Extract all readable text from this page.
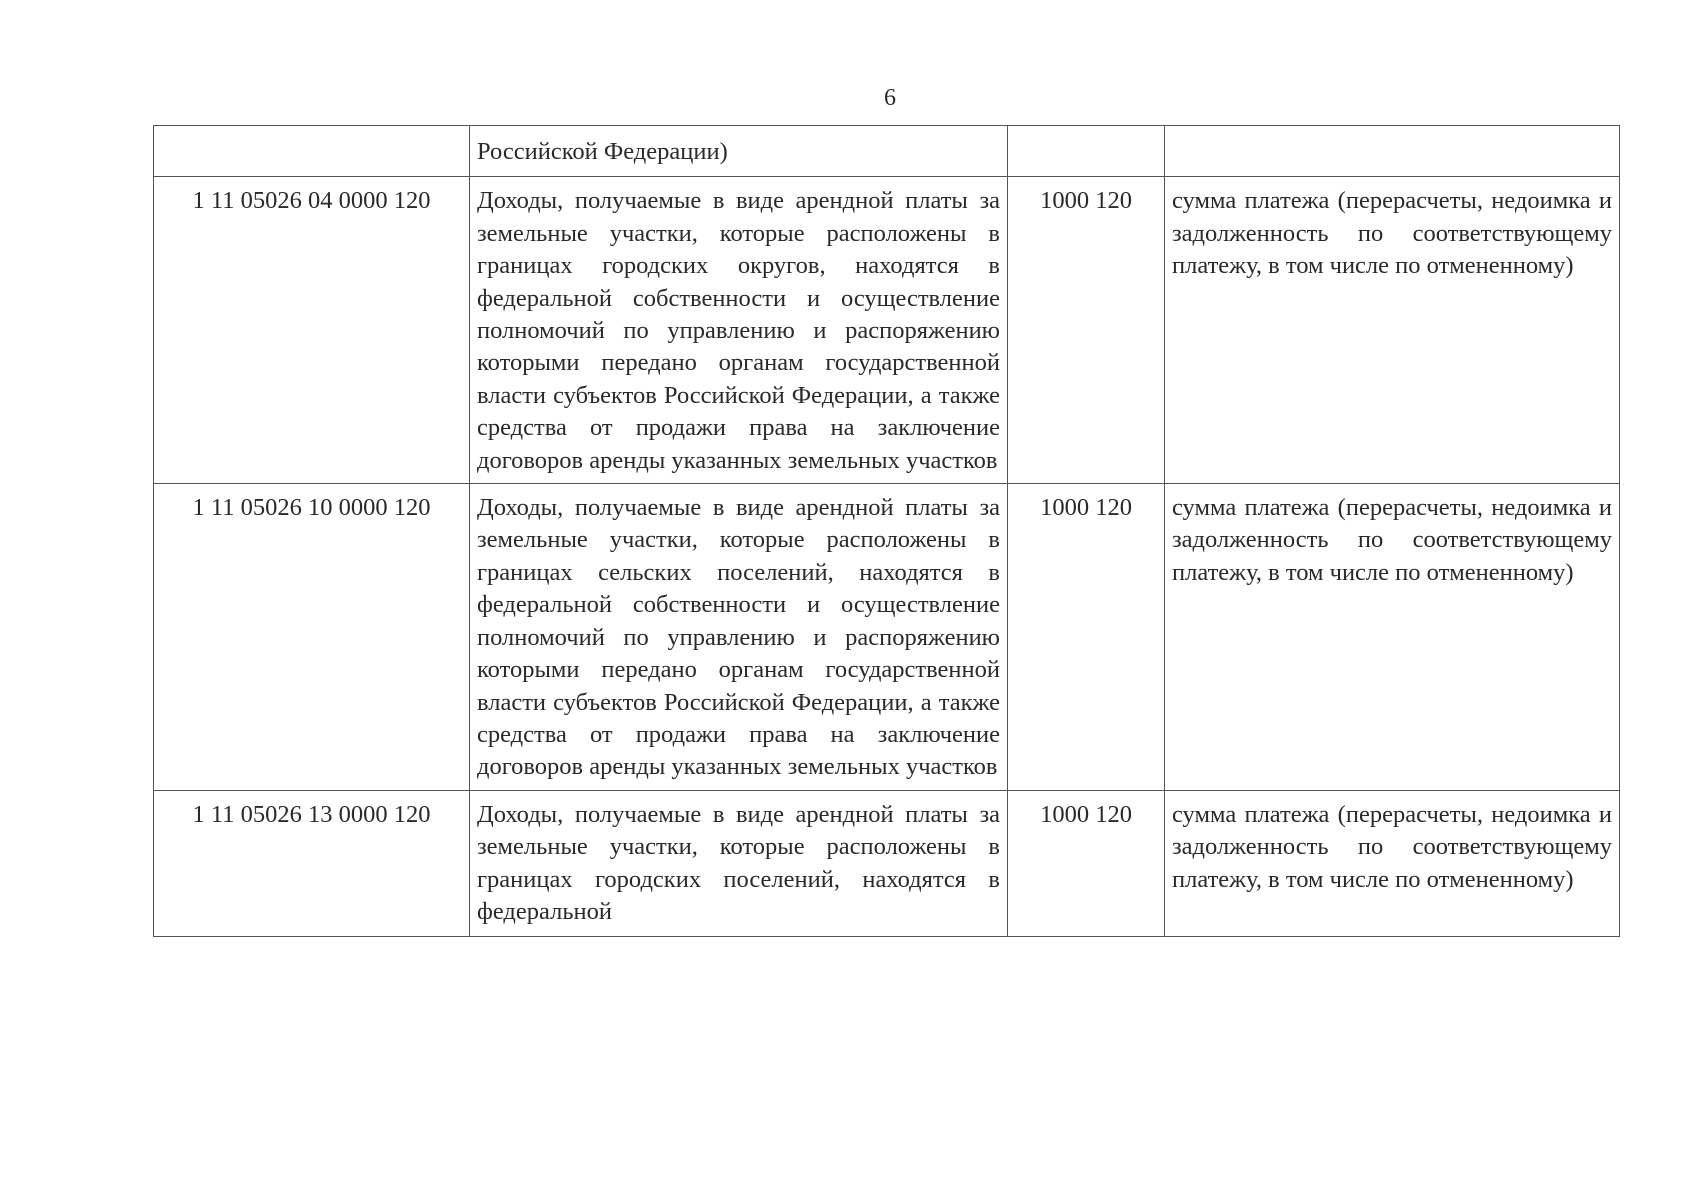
6
	Российской Федерации)		
1 11 05026 04 0000 120	Доходы, получаемые в виде арендной платы за земельные участки, которые расположены в границах городских округов, находятся в федеральной собственности и осуществление полномочий по управлению и распоряжению которыми передано органам государственной власти субъектов Российской Федерации, а также средства от продажи права на заключение договоров аренды указанных земельных участков	1000 120	сумма платежа (перерасчеты, недоимка и задолженность по соответствующему платежу, в том числе по отмененному)
1 11 05026 10 0000 120	Доходы, получаемые в виде арендной платы за земельные участки, которые расположены в границах сельских поселений, находятся в федеральной собственности и осуществление полномочий по управлению и распоряжению которыми передано органам государственной власти субъектов Российской Федерации, а также средства от продажи права на заключение договоров аренды указанных земельных участков	1000 120	сумма платежа (перерасчеты, недоимка и задолженность по соответствующему платежу, в том числе по отмененному)
1 11 05026 13 0000 120	Доходы, получаемые в виде арендной платы за земельные участки, которые расположены в границах городских поселений, находятся в федеральной	1000 120	сумма платежа (перерасчеты, недоимка и задолженность по соответствующему платежу, в том числе по отмененному)
